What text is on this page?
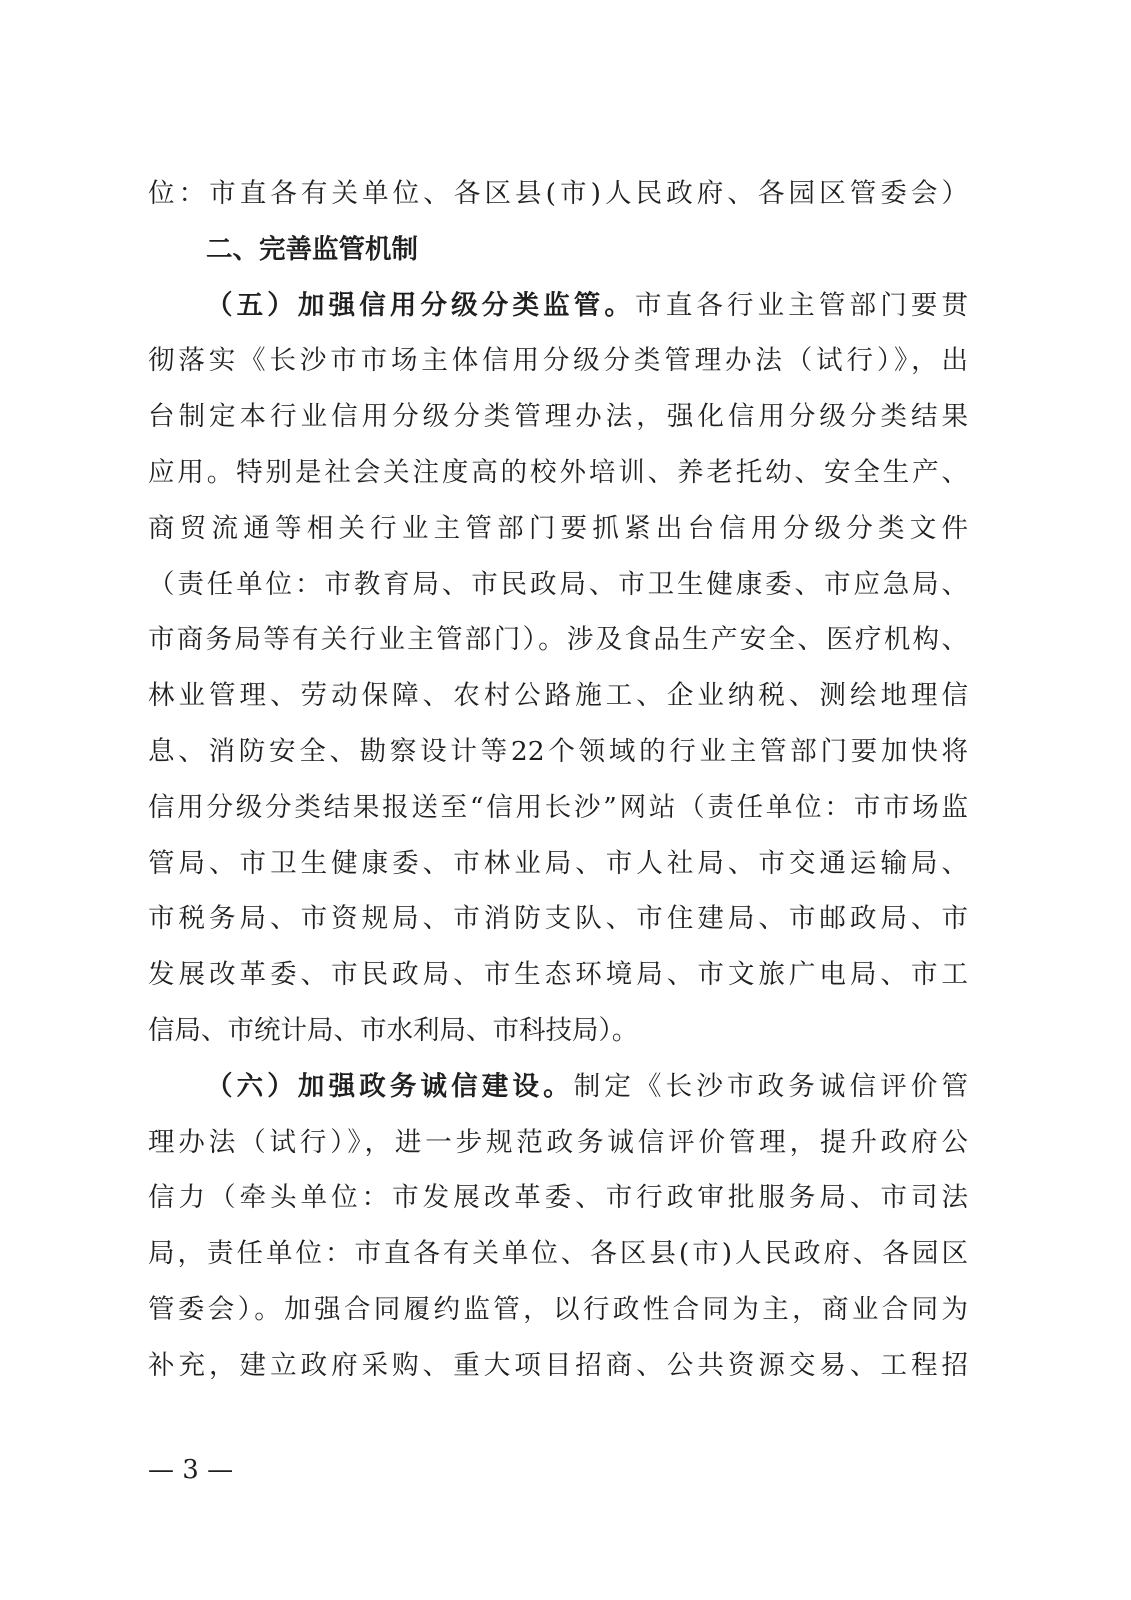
位：市直各有关单位、各区县(市)人民政府、各园区管委会）
二、完善监管机制
（五）加强信用分级分类监管。市直各行业主管部门要贯
彻落实《长沙市市场主体信用分级分类管理办法（试行）》，出
台制定本行业信用分级分类管理办法，强化信用分级分类结果
应用。特别是社会关注度高的校外培训、养老托幼、安全生产、
商贸流通等相关行业主管部门要抓紧出台信用分级分类文件
（责任单位：市教育局、市民政局、市卫生健康委、市应急局、
市商务局等有关行业主管部门）。涉及食品生产安全、医疗机构、
林业管理、劳动保障、农村公路施工、企业纳税、测绘地理信
息、消防安全、勘察设计等22个领域的行业主管部门要加快将
信用分级分类结果报送至“信用长沙”网站（责任单位：市市场监
管局、市卫生健康委、市林业局、市人社局、市交通运输局、
市税务局、市资规局、市消防支队、市住建局、市邮政局、市
发展改革委、市民政局、市生态环境局、市文旅广电局、市工
信局、市统计局、市水利局、市科技局）。
（六）加强政务诚信建设。制定《长沙市政务诚信评价管
理办法（试行）》，进一步规范政务诚信评价管理，提升政府公
信力（牵头单位：市发展改革委、市行政审批服务局、市司法
局，责任单位：市直各有关单位、各区县(市)人民政府、各园区
管委会）。加强合同履约监管，以行政性合同为主，商业合同为
补充，建立政府采购、重大项目招商、公共资源交易、工程招
— 3 —
